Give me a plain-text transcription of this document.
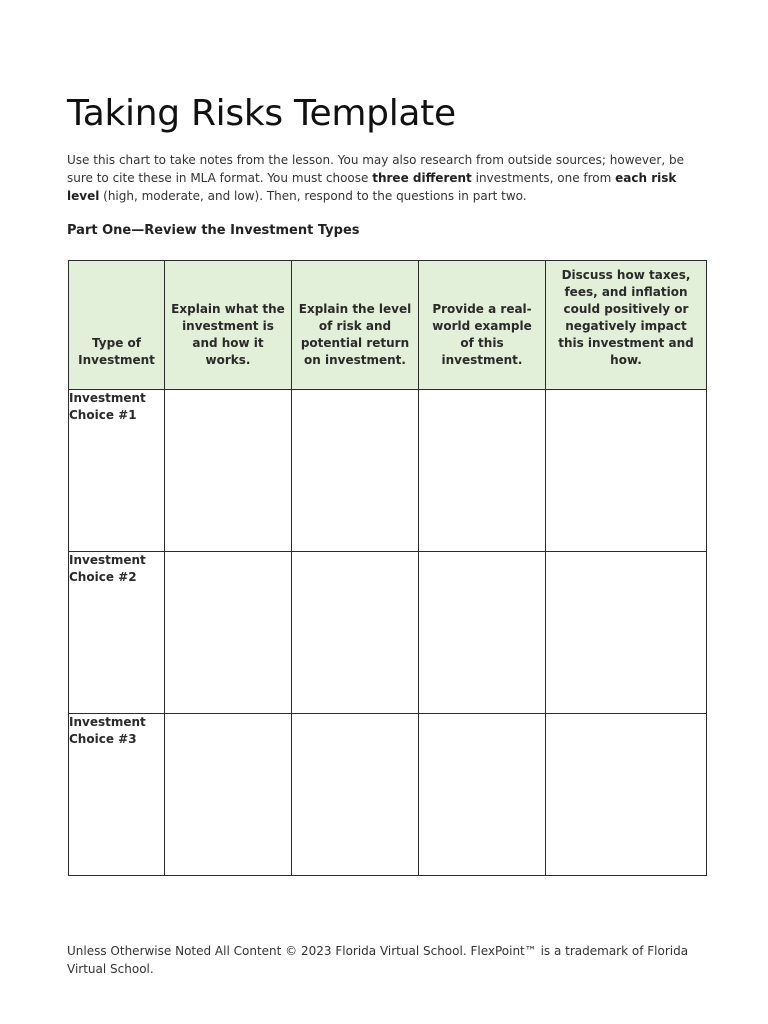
Taking Risks Template

Use this chart to take notes from the lesson. You may also research from outside sources; however, be sure to cite these in MLA format. You must choose three different investments, one from each risk level (high, moderate, and low). Then, respond to the questions in part two.

Part One—Review the Investment Types
Type of Investment	Explain what the investment is and how it works.	Explain the level of risk and potential return on investment.	Provide a real-world example of this investment.	Discuss how taxes, fees, and inflation could positively or negatively impact this investment and how.
Investment Choice #1				
Investment Choice #2				
Investment Choice #3				

Unless Otherwise Noted All Content © 2023 Florida Virtual School. FlexPoint™ is a trademark of Florida Virtual School.
